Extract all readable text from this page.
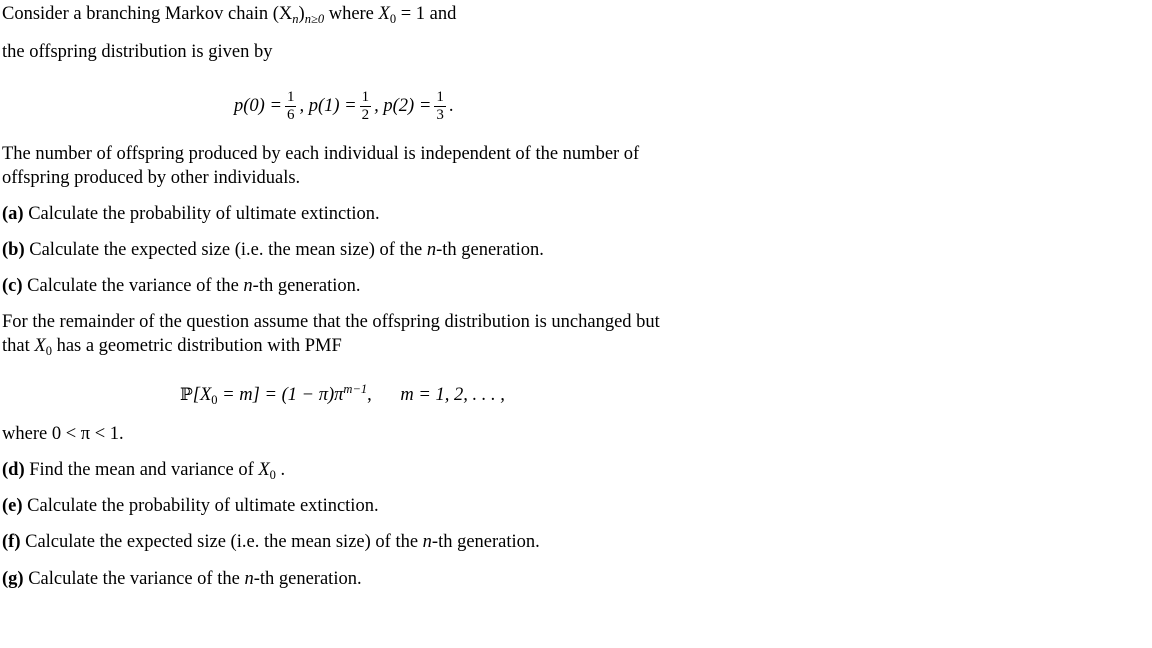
Consider a branching Markov chain $(X_n)_{n\ge 0}$ where $X_0 = 1$ and
the offspring distribution is given by
$p(0) = \frac{1}{6}$ , $p(1) = \frac{1}{2}$ , $p(2) = \frac{1}{3}$ .
The number of offspring produced by each individual is independent of the number of
offspring produced by other individuals.
(a) Calculate the probability of ultimate extinction.
(b) Calculate the expected size (i.e. the mean size) of the n-th generation.
(c) Calculate the variance of the n-th generation.
For the remainder of the question assume that the offspring distribution is unchanged but
that $X_0$ has a geometric distribution with PMF
$ℙ[X_0 = m] = (1 - \pi)\pi^{m-1}$, m = 1, 2, . . . ,
where 0 < π < 1.
(d) Find the mean and variance of $X_0$ .
(e) Calculate the probability of ultimate extinction.
(f) Calculate the expected size (i.e. the mean size) of the n-th generation.
(g) Calculate the variance of the n-th generation.
